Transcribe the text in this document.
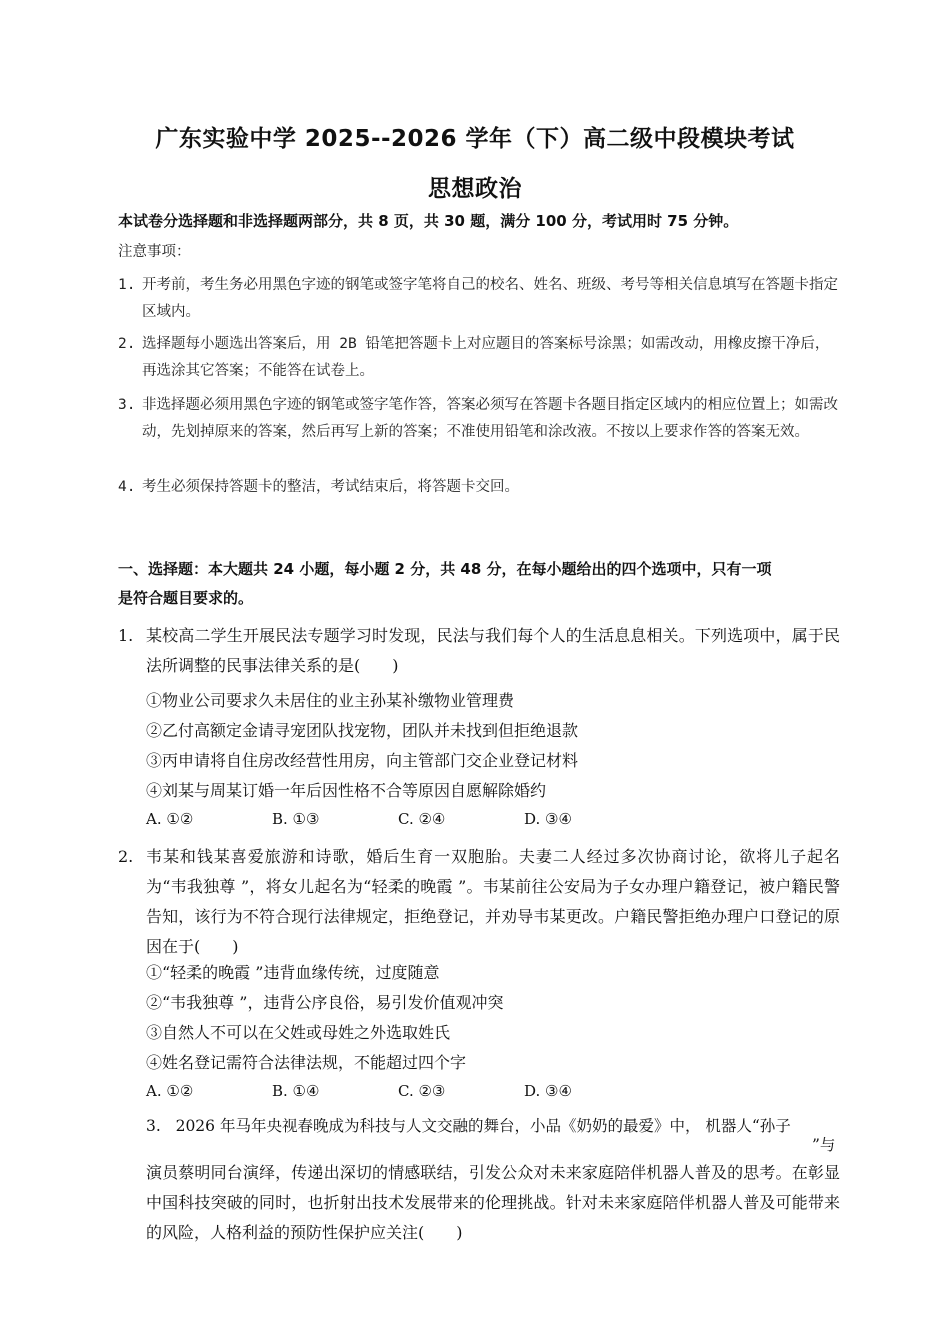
广东实验中学 2025--2026 学年（下）高二级中段模块考试
思想政治
本试卷分选择题和非选择题两部分，共 8 页，共 30 题，满分 100 分，考试用时 75 分钟。
注意事项：
1. 开考前，考生务必用黑色字迹的钢笔或签字笔将自己的校名、姓名、班级、考号等相关信息填写在答题卡指定区域内。
2. 选择题每小题选出答案后，用 2B 铅笔把答题卡上对应题目的答案标号涂黑；如需改动，用橡皮擦干净后，再选涂其它答案；不能答在试卷上。
3. 非选择题必须用黑色字迹的钢笔或签字笔作答，答案必须写在答题卡各题目指定区域内的相应位置上；如需改动，先划掉原来的答案，然后再写上新的答案；不准使用铅笔和涂改液。不按以上要求作答的答案无效。
4. 考生必须保持答题卡的整洁，考试结束后，将答题卡交回。
一、选择题：本大题共 24 小题，每小题 2 分，共 48 分，在每小题给出的四个选项中，只有一项
是符合题目要求的。
1. 某校高二学生开展民法专题学习时发现，民法与我们每个人的生活息息相关。下列选项中，属于民法所调整的民事法律关系的是(　　)
①物业公司要求久未居住的业主孙某补缴物业管理费
②乙付高额定金请寻宠团队找宠物，团队并未找到但拒绝退款
③丙申请将自住房改经营性用房，向主管部门交企业登记材料
④刘某与周某订婚一年后因性格不合等原因自愿解除婚约
A. ①②	B. ①③	C. ②④	D. ③④
2. 韦某和钱某喜爱旅游和诗歌，婚后生育一双胞胎。夫妻二人经过多次协商讨论，欲将儿子起名为“韦我独尊 ”，将女儿起名为“轻柔的晚霞 ”。韦某前往公安局为子女办理户籍登记，被户籍民警告知，该行为不符合现行法律规定，拒绝登记，并劝导韦某更改。户籍民警拒绝办理户口登记的原因在于(　　)
①“轻柔的晚霞 ”违背血缘传统，过度随意
②“韦我独尊 ”，违背公序良俗，易引发价值观冲突
③自然人不可以在父姓或母姓之外选取姓氏
④姓名登记需符合法律法规，不能超过四个字
A. ①②	B. ①④	C. ②③	D. ③④
3. 2026 年马年央视春晚成为科技与人文交融的舞台，小品《奶奶的最爱》中， 机器人“孙子
”与
演员蔡明同台演绎，传递出深切的情感联结，引发公众对未来家庭陪伴机器人普及的思考。在彰显中国科技突破的同时，也折射出技术发展带来的伦理挑战。针对未来家庭陪伴机器人普及可能带来的风险，人格利益的预防性保护应关注(　　)
